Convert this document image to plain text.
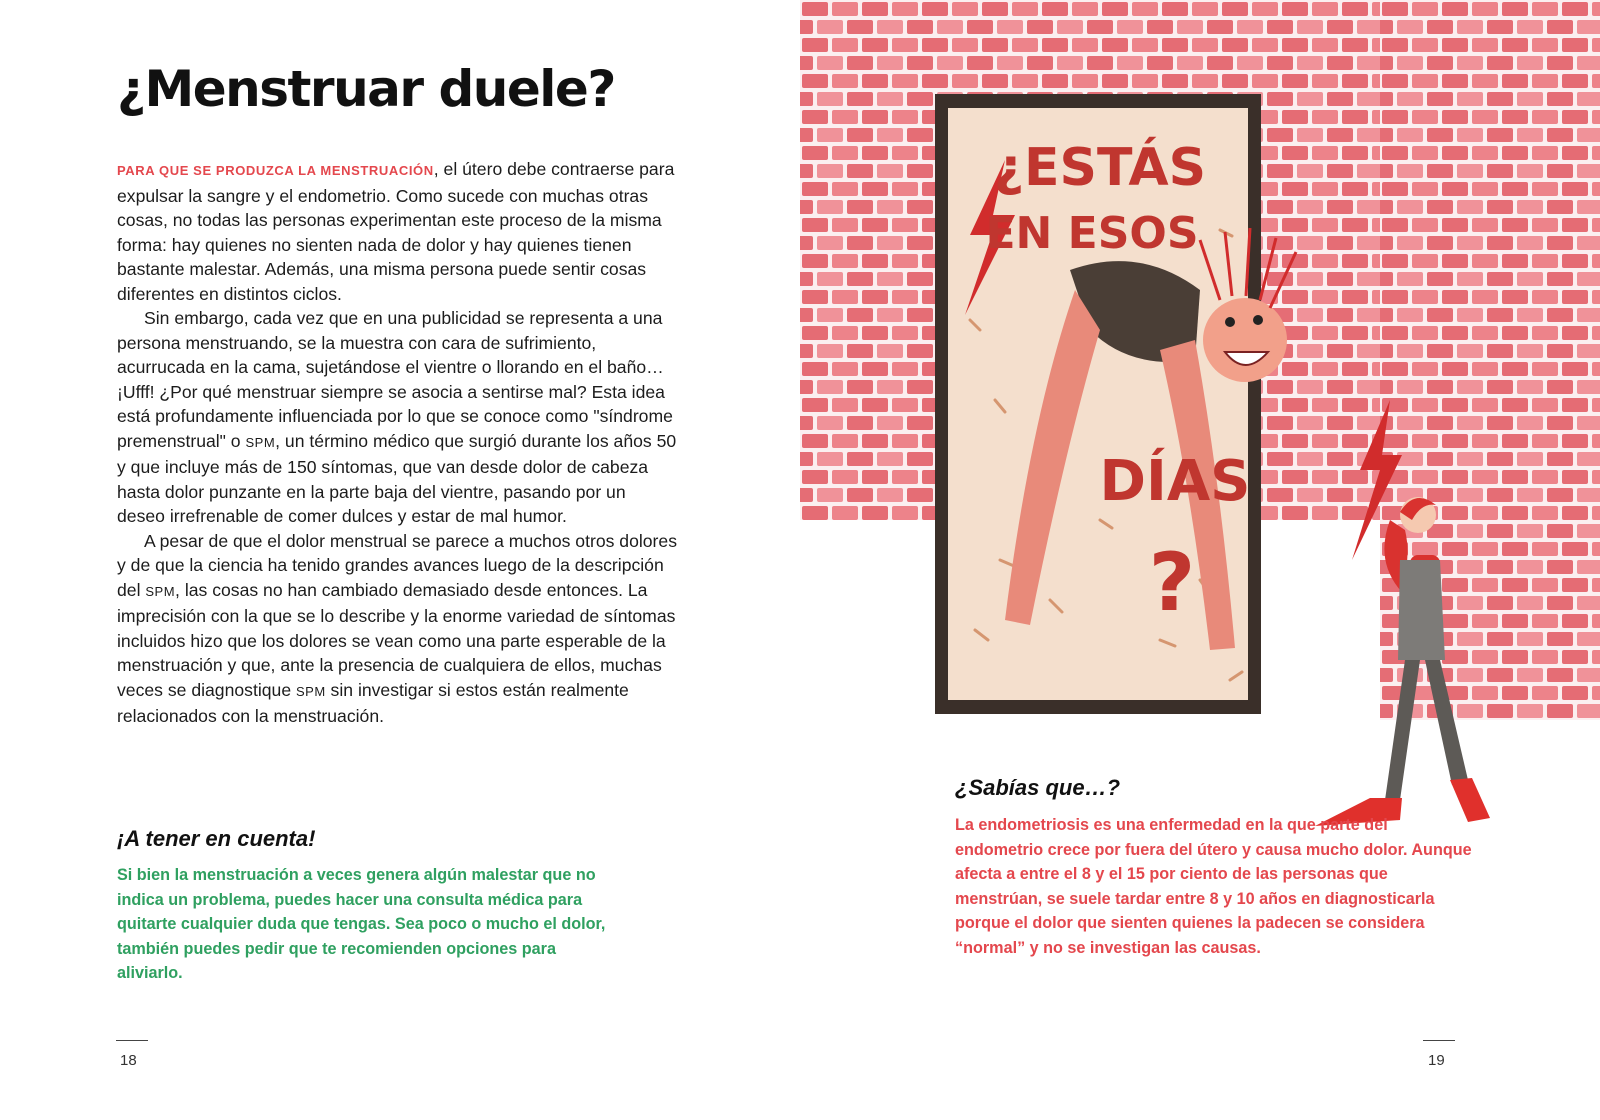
¿Menstruar duele?

PARA QUE SE PRODUZCA LA MENSTRUACIÓN, el útero debe contraerse para expulsar la sangre y el endometrio. Como sucede con muchas otras cosas, no todas las personas experimentan este proceso de la misma forma: hay quienes no sienten nada de dolor y hay quienes tienen bastante malestar. Además, una misma persona puede sentir cosas diferentes en distintos ciclos.

Sin embargo, cada vez que en una publicidad se representa a una persona menstruando, se la muestra con cara de sufrimiento, acurrucada en la cama, sujetándose el vientre o llorando en el baño… ¡Ufff! ¿Por qué menstruar siempre se asocia a sentirse mal? Esta idea está profundamente influenciada por lo que se conoce como "síndrome premenstrual" o SPM, un término médico que surgió durante los años 50 y que incluye más de 150 síntomas, que van desde dolor de cabeza hasta dolor punzante en la parte baja del vientre, pasando por un deseo irrefrenable de comer dulces y estar de mal humor.

A pesar de que el dolor menstrual se parece a muchos otros dolores y de que la ciencia ha tenido grandes avances luego de la descripción del SPM, las cosas no han cambiado demasiado desde entonces. La imprecisión con la que se lo describe y la enorme variedad de síntomas incluidos hizo que los dolores se vean como una parte esperable de la menstruación y que, ante la presencia de cualquiera de ellos, muchas veces se diagnostique SPM sin investigar si estos están realmente relacionados con la menstruación.

¡A tener en cuenta!

Si bien la menstruación a veces genera algún malestar que no indica un problema, puedes hacer una consulta médica para quitarte cualquier duda que tengas. Sea poco o mucho el dolor, también puedes pedir que te recomienden opciones para aliviarlo.

18
¿ESTÁS
EN ESOS
DÍAS
?
¿Sabías que…?

La endometriosis es una enfermedad en la que parte del endometrio crece por fuera del útero y causa mucho dolor. Aunque afecta a entre el 8 y el 15 por ciento de las personas que menstrúan, se suele tardar entre 8 y 10 años en diagnosticarla porque el dolor que sienten quienes la padecen se considera “normal” y no se investigan las causas.

19
